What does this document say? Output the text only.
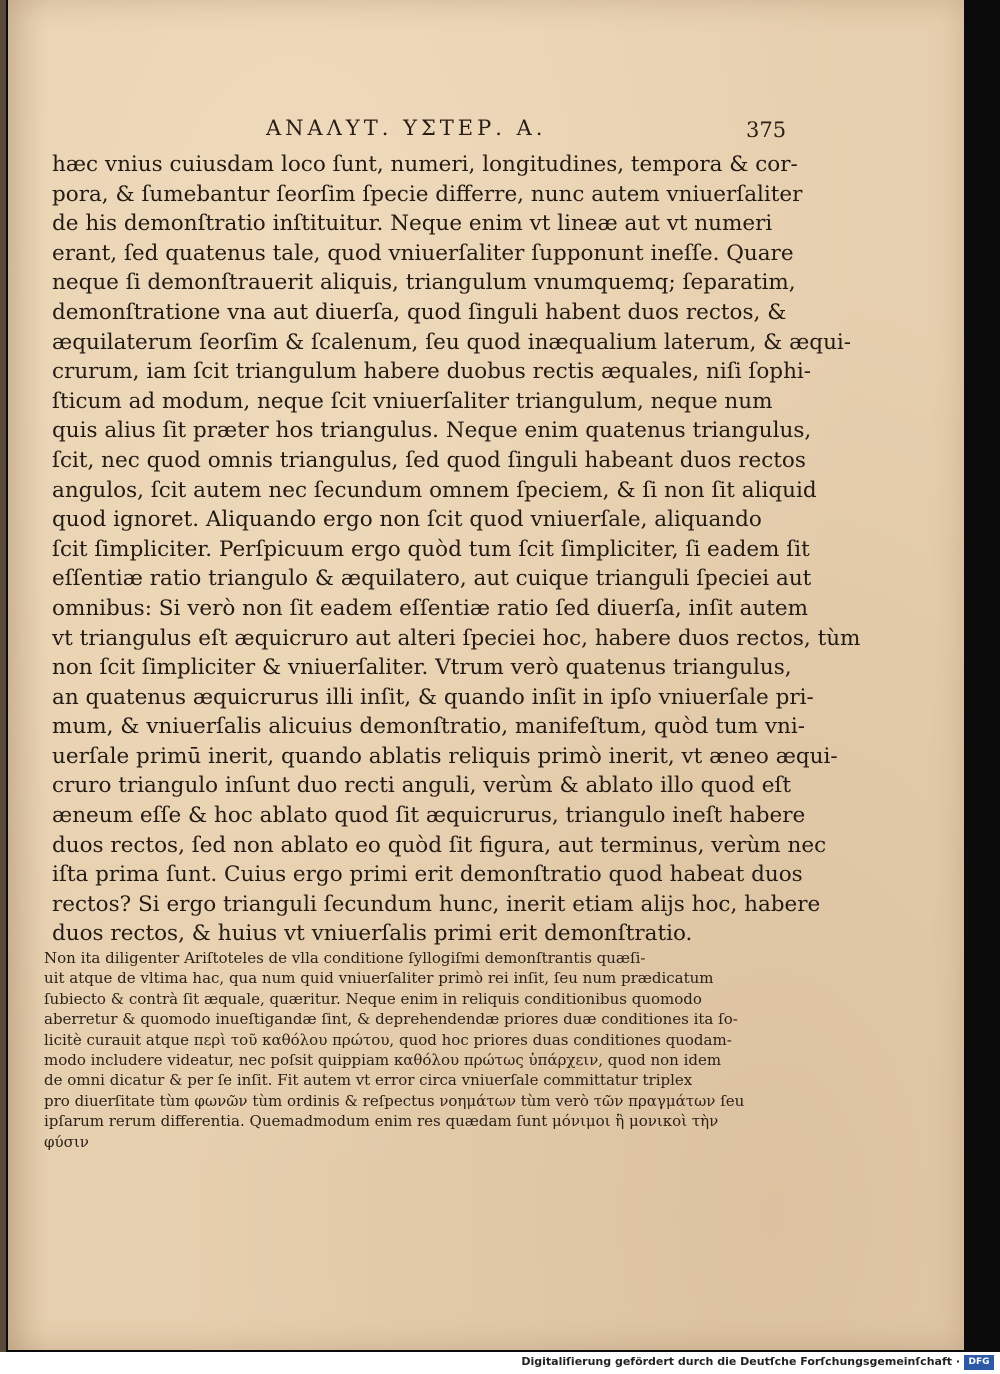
ANAΛΥΤ. ΥΣΤΕΡ. A.	375
hæc vnius cuiusdam loco ſunt, numeri, longitudines, tempora & cor-
pora, & ſumebantur ſeorſim ſpecie differre, nunc autem vniuerſaliter
de his demonſtratio inſtituitur. Neque enim vt lineæ aut vt numeri
erant, ſed quatenus tale, quod vniuerſaliter ſupponunt ineſſe. Quare
neque ſi demonſtrauerit aliquis, triangulum vnumquemq; ſeparatim,
demonſtratione vna aut diuerſa, quod ſinguli habent duos rectos, &
æquilaterum ſeorſim & ſcalenum, ſeu quod inæqualium laterum, & æqui-
crurum, iam ſcit triangulum habere duobus rectis æquales, niſi ſophi-
ſticum ad modum, neque ſcit vniuerſaliter triangulum, neque num
quis alius ſit præter hos triangulus. Neque enim quatenus triangulus,
ſcit, nec quod omnis triangulus, ſed quod ſinguli habeant duos rectos
angulos, ſcit autem nec ſecundum omnem ſpeciem, & ſi non ſit aliquid
quod ignoret. Aliquando ergo non ſcit quod vniuerſale, aliquando
ſcit ſimpliciter. Perſpicuum ergo quòd tum ſcit ſimpliciter, ſi eadem ſit
eſſentiæ ratio triangulo & æquilatero, aut cuique trianguli ſpeciei aut
omnibus: Si verò non ſit eadem eſſentiæ ratio ſed diuerſa, inſit autem
vt triangulus eſt æquicruro aut alteri ſpeciei hoc, habere duos rectos, tùm
non ſcit ſimpliciter & vniuerſaliter. Vtrum verò quatenus triangulus,
an quatenus æquicrurus illi inſit, & quando inſit in ipſo vniuerſale pri-
mum, & vniuerſalis alicuius demonſtratio, manifeſtum, quòd tum vni-
uerſale primū inerit, quando ablatis reliquis primò inerit, vt æneo æqui-
cruro triangulo inſunt duo recti anguli, verùm & ablato illo quod eſt
æneum eſſe & hoc ablato quod ſit æquicrurus, triangulo ineſt habere
duos rectos, ſed non ablato eo quòd ſit figura, aut terminus, verùm nec
iſta prima ſunt. Cuius ergo primi erit demonſtratio quod habeat duos
rectos? Si ergo trianguli ſecundum hunc, inerit etiam alijs hoc, habere
duos rectos, & huius vt vniuerſalis primi erit demonſtratio.
Non ita diligenter Ariſtoteles de vlla conditione ſyllogiſmi demonſtrantis quæſi-
uit atque de vltima hac, qua num quid vniuerſaliter primò rei inſit, ſeu num prædicatum
ſubiecto & contrà ſit æquale, quæritur. Neque enim in reliquis conditionibus quomodo
aberretur & quomodo inueſtigandæ ſint, & deprehendendæ priores duæ conditiones ita ſo-
licitè curauit atque περὶ τοῦ καθόλου πρώτου, quod hoc priores duas conditiones quodam-
modo includere videatur, nec poſsit quippiam καθόλου πρώτως ὑπάρχειν, quod non idem
de omni dicatur & per ſe inſit. Fit autem vt error circa vniuerſale committatur triplex
pro diuerſitate tùm φωνῶν tùm ordinis & reſpectus νοημάτων tùm verò τῶν πραγμάτων ſeu
ipſarum rerum differentia. Quemadmodum enim res quædam ſunt μόνιμοι ἢ μονικοὶ τὴν
φύσιν
Digitaliſierung gefördert durch die Deutſche Forſchungsgemeinſchaft · DFG
